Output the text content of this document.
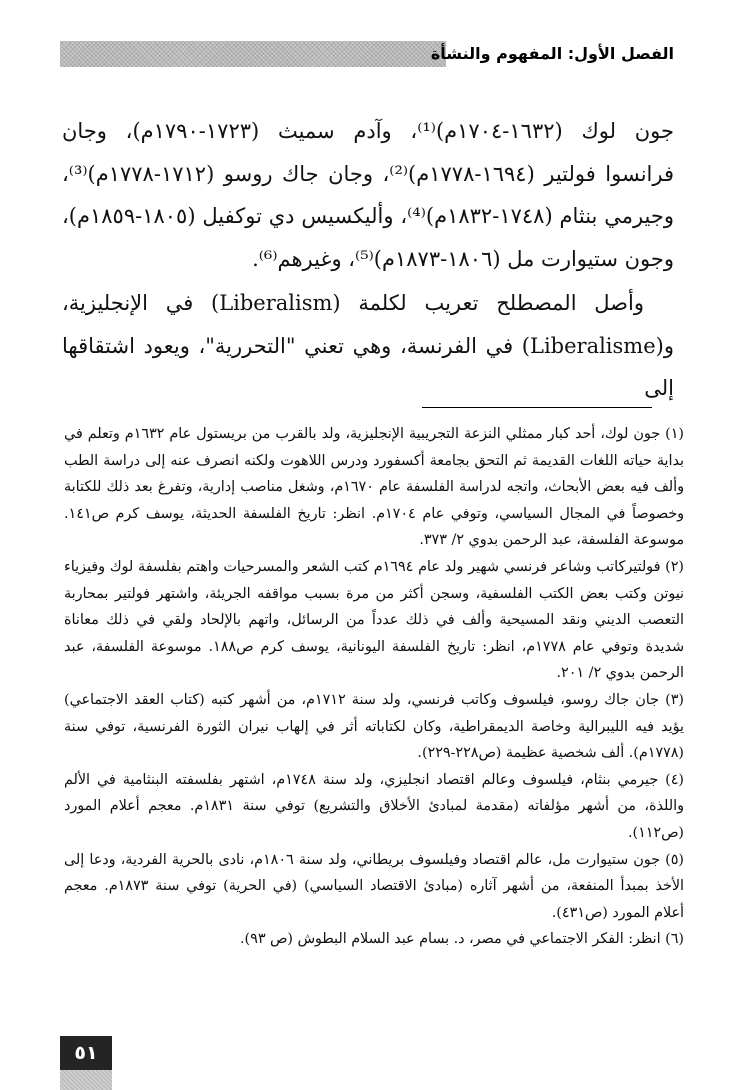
الفصل الأول: المفهوم والنشأة

جون لوك (١٦٣٢-١٧٠٤م)⁽¹⁾، وآدم سميث (١٧٢٣-١٧٩٠م)، وجان فرانسوا فولتير (١٦٩٤-١٧٧٨م)⁽²⁾، وجان جاك روسو (١٧١٢-١٧٧٨م)⁽³⁾، وجيرمي بنثام (١٧٤٨-١٨٣٢م)⁽⁴⁾، وأليكسيس دي توكفيل (١٨٠٥-١٨٥٩م)، وجون ستيوارت مل (١٨٠٦-١٨٧٣م)⁽⁵⁾، وغيرهم⁽⁶⁾.

وأصل المصطلح تعريب لكلمة (Liberalism) في الإنجليزية، و(Liberalisme) في الفرنسة، وهي تعني "التحررية"، ويعود اشتقاقها إلى

(١) جون لوك، أحد كبار ممثلي النزعة التجريبية الإنجليزية، ولد بالقرب من بريستول عام ١٦٣٢م وتعلم في بداية حياته اللغات القديمة ثم التحق بجامعة أكسفورد ودرس اللاهوت ولكنه انصرف عنه إلى دراسة الطب وألف فيه بعض الأبحاث، واتجه لدراسة الفلسفة عام ١٦٧٠م، وشغل مناصب إدارية، وتفرغ بعد ذلك للكتابة وخصوصاً في المجال السياسي، وتوفي عام ١٧٠٤م. انظر: تاريخ الفلسفة الحديثة، يوسف كرم ص١٤١. موسوعة الفلسفة، عبد الرحمن بدوي ٢/ ٣٧٣.

(٢) فولتيركاتب وشاعر فرنسي شهير ولد عام ١٦٩٤م كتب الشعر والمسرحيات واهتم بفلسفة لوك وفيزياء نيوتن وكتب بعض الكتب الفلسفية، وسجن أكثر من مرة بسبب مواقفه الجريئة، واشتهر فولتير بمحاربة التعصب الديني ونقد المسيحية وألف في ذلك عدداً من الرسائل، واتهم بالإلحاد ولقي في ذلك معاناة شديدة وتوفي عام ١٧٧٨م، انظر: تاريخ الفلسفة اليونانية، يوسف كرم ص١٨٨. موسوعة الفلسفة، عبد الرحمن بدوي ٢/ ٢٠١.

(٣) جان جاك روسو، فيلسوف وكاتب فرنسي، ولد سنة ١٧١٢م، من أشهر كتبه (كتاب العقد الاجتماعي) يؤيد فيه الليبرالية وخاصة الديمقراطية، وكان لكتاباته أثر في إلهاب نيران الثورة الفرنسية، توفي سنة (١٧٧٨م). ألف شخصية عظيمة (ص٢٢٨-٢٢٩).

(٤) جيرمي بنثام، فيلسوف وعالم اقتصاد انجليزي، ولد سنة ١٧٤٨م، اشتهر بفلسفته البنثامية في الألم واللذة، من أشهر مؤلفاته (مقدمة لمبادئ الأخلاق والتشريع) توفي سنة ١٨٣١م. معجم أعلام المورد (ص١١٢).

(٥) جون ستيوارت مل، عالم اقتصاد وفيلسوف بريطاني، ولد سنة ١٨٠٦م، نادى بالحرية الفردية، ودعا إلى الأخذ بمبدأ المنفعة، من أشهر آثاره (مبادئ الاقتصاد السياسي) (في الحرية) توفي سنة ١٨٧٣م. معجم أعلام المورد (ص٤٣١).

(٦) انظر: الفكر الاجتماعي في مصر، د. بسام عبد السلام البطوش (ص ٩٣).

٥١
